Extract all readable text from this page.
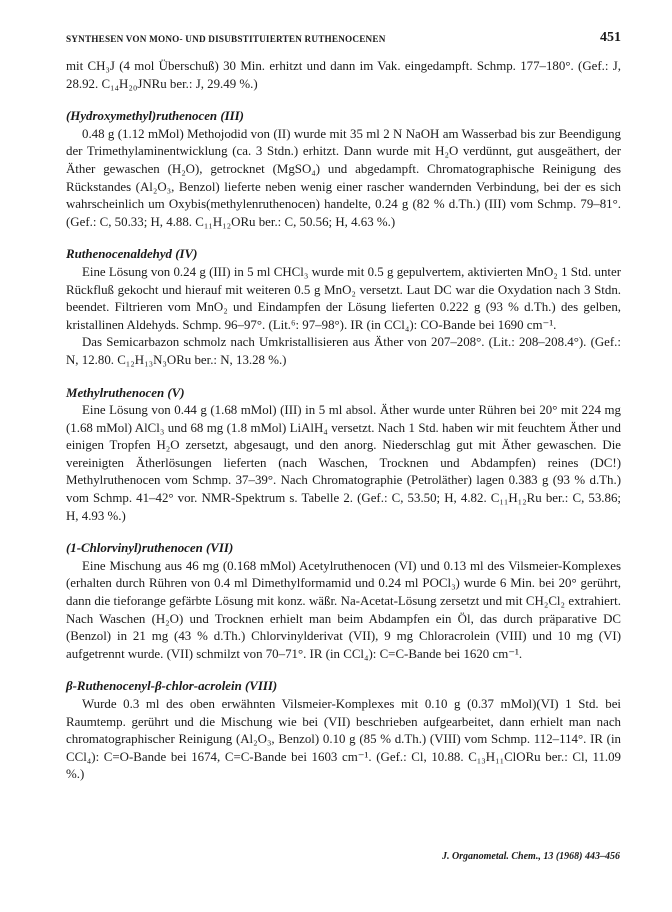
SYNTHESEN VON MONO- UND DISUBSTITUIERTEN RUTHENOCENEN	451

mit CH₃J (4 mol Überschuß) 30 Min. erhitzt und dann im Vak. eingedampft. Schmp. 177–180°. (Gef.: J, 28.92. C₁₄H₂₀JNRu ber.: J, 29.49 %.)

(Hydroxymethyl)ruthenocen (III)

0.48 g (1.12 mMol) Methojodid von (II) wurde mit 35 ml 2 N NaOH am Wasserbad bis zur Beendigung der Trimethylaminentwicklung (ca. 3 Stdn.) erhitzt. Dann wurde mit H₂O verdünnt, gut ausgeäthert, der Äther gewaschen (H₂O), getrocknet (MgSO₄) und abgedampft. Chromatographische Reinigung des Rückstandes (Al₂O₃, Benzol) lieferte neben wenig einer rascher wandernden Verbindung, bei der es sich wahrscheinlich um Oxybis(methylenruthenocen) handelte, 0.24 g (82 % d.Th.) (III) vom Schmp. 79–81°. (Gef.: C, 50.33; H, 4.88. C₁₁H₁₂ORu ber.: C, 50.56; H, 4.63 %.)

Ruthenocenaldehyd (IV)

Eine Lösung von 0.24 g (III) in 5 ml CHCl₃ wurde mit 0.5 g gepulvertem, aktivierten MnO₂ 1 Std. unter Rückfluß gekocht und hierauf mit weiteren 0.5 g MnO₂ versetzt. Laut DC war die Oxydation nach 3 Stdn. beendet. Filtrieren vom MnO₂ und Eindampfen der Lösung lieferten 0.222 g (93 % d.Th.) des gelben, kristallinen Aldehyds. Schmp. 96–97°. (Lit.⁶: 97–98°). IR (in CCl₄): CO-Bande bei 1690 cm⁻¹.

Das Semicarbazon schmolz nach Umkristallisieren aus Äther von 207–208°. (Lit.: 208–208.4°). (Gef.: N, 12.80. C₁₂H₁₃N₃ORu ber.: N, 13.28 %.)

Methylruthenocen (V)

Eine Lösung von 0.44 g (1.68 mMol) (III) in 5 ml absol. Äther wurde unter Rühren bei 20° mit 224 mg (1.68 mMol) AlCl₃ und 68 mg (1.8 mMol) LiAlH₄ versetzt. Nach 1 Std. haben wir mit feuchtem Äther und einigen Tropfen H₂O zersetzt, abgesaugt, und den anorg. Niederschlag gut mit Äther gewaschen. Die vereinigten Ätherlösungen lieferten (nach Waschen, Trocknen und Abdampfen) reines (DC!) Methylruthenocen vom Schmp. 37–39°. Nach Chromatographie (Petroläther) lagen 0.383 g (93 % d.Th.) vom Schmp. 41–42° vor. NMR-Spektrum s. Tabelle 2. (Gef.: C, 53.50; H, 4.82. C₁₁H₁₂Ru ber.: C, 53.86; H, 4.93 %.)

(1-Chlorvinyl)ruthenocen (VII)

Eine Mischung aus 46 mg (0.168 mMol) Acetylruthenocen (VI) und 0.13 ml des Vilsmeier-Komplexes (erhalten durch Rühren von 0.4 ml Dimethylformamid und 0.24 ml POCl₃) wurde 6 Min. bei 20° gerührt, dann die tieforange gefärbte Lösung mit konz. wäßr. Na-Acetat-Lösung zersetzt und mit CH₂Cl₂ extrahiert. Nach Waschen (H₂O) und Trocknen erhielt man beim Abdampfen ein Öl, das durch präparative DC (Benzol) in 21 mg (43 % d.Th.) Chlorvinylderivat (VII), 9 mg Chloracrolein (VIII) und 10 mg (VI) aufgetrennt wurde. (VII) schmilzt von 70–71°. IR (in CCl₄): C=C-Bande bei 1620 cm⁻¹.

β-Ruthenocenyl-β-chlor-acrolein (VIII)

Wurde 0.3 ml des oben erwähnten Vilsmeier-Komplexes mit 0.10 g (0.37 mMol)(VI) 1 Std. bei Raumtemp. gerührt und die Mischung wie bei (VII) beschrieben aufgearbeitet, dann erhielt man nach chromatographischer Reinigung (Al₂O₃, Benzol) 0.10 g (85 % d.Th.) (VIII) vom Schmp. 112–114°. IR (in CCl₄): C=O-Bande bei 1674, C=C-Bande bei 1603 cm⁻¹. (Gef.: Cl, 10.88. C₁₃H₁₁ClORu ber.: Cl, 11.09 %.)

J. Organometal. Chem., 13 (1968) 443–456
